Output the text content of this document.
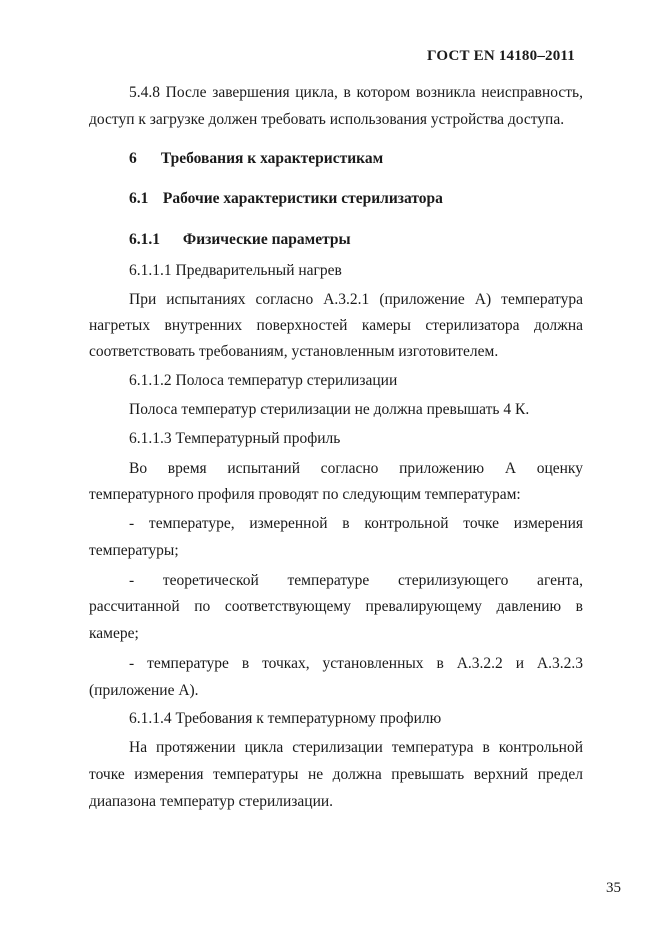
ГОСТ EN 14180–2011
5.4.8 После завершения цикла, в котором возникла неисправность,
доступ к загрузке должен требовать использования устройства доступа.
6 Требования к характеристикам
6.1 Рабочие характеристики стерилизатора
6.1.1 Физические параметры
6.1.1.1 Предварительный нагрев
При испытаниях согласно А.3.2.1 (приложение А) температура
нагретых внутренних поверхностей камеры стерилизатора должна
соответствовать требованиям, установленным изготовителем.
6.1.1.2 Полоса температур стерилизации
Полоса температур стерилизации не должна превышать 4 К.
6.1.1.3 Температурный профиль
Во время испытаний согласно приложению А оценку
температурного профиля проводят по следующим температурам:
- температуре, измеренной в контрольной точке измерения
температуры;
- теоретической температуре стерилизующего агента,
рассчитанной по соответствующему превалирующему давлению в
камере;
- температуре в точках, установленных в А.3.2.2 и А.3.2.3
(приложение А).
6.1.1.4 Требования к температурному профилю
На протяжении цикла стерилизации температура в контрольной
точке измерения температуры не должна превышать верхний предел
диапазона температур стерилизации.
35
